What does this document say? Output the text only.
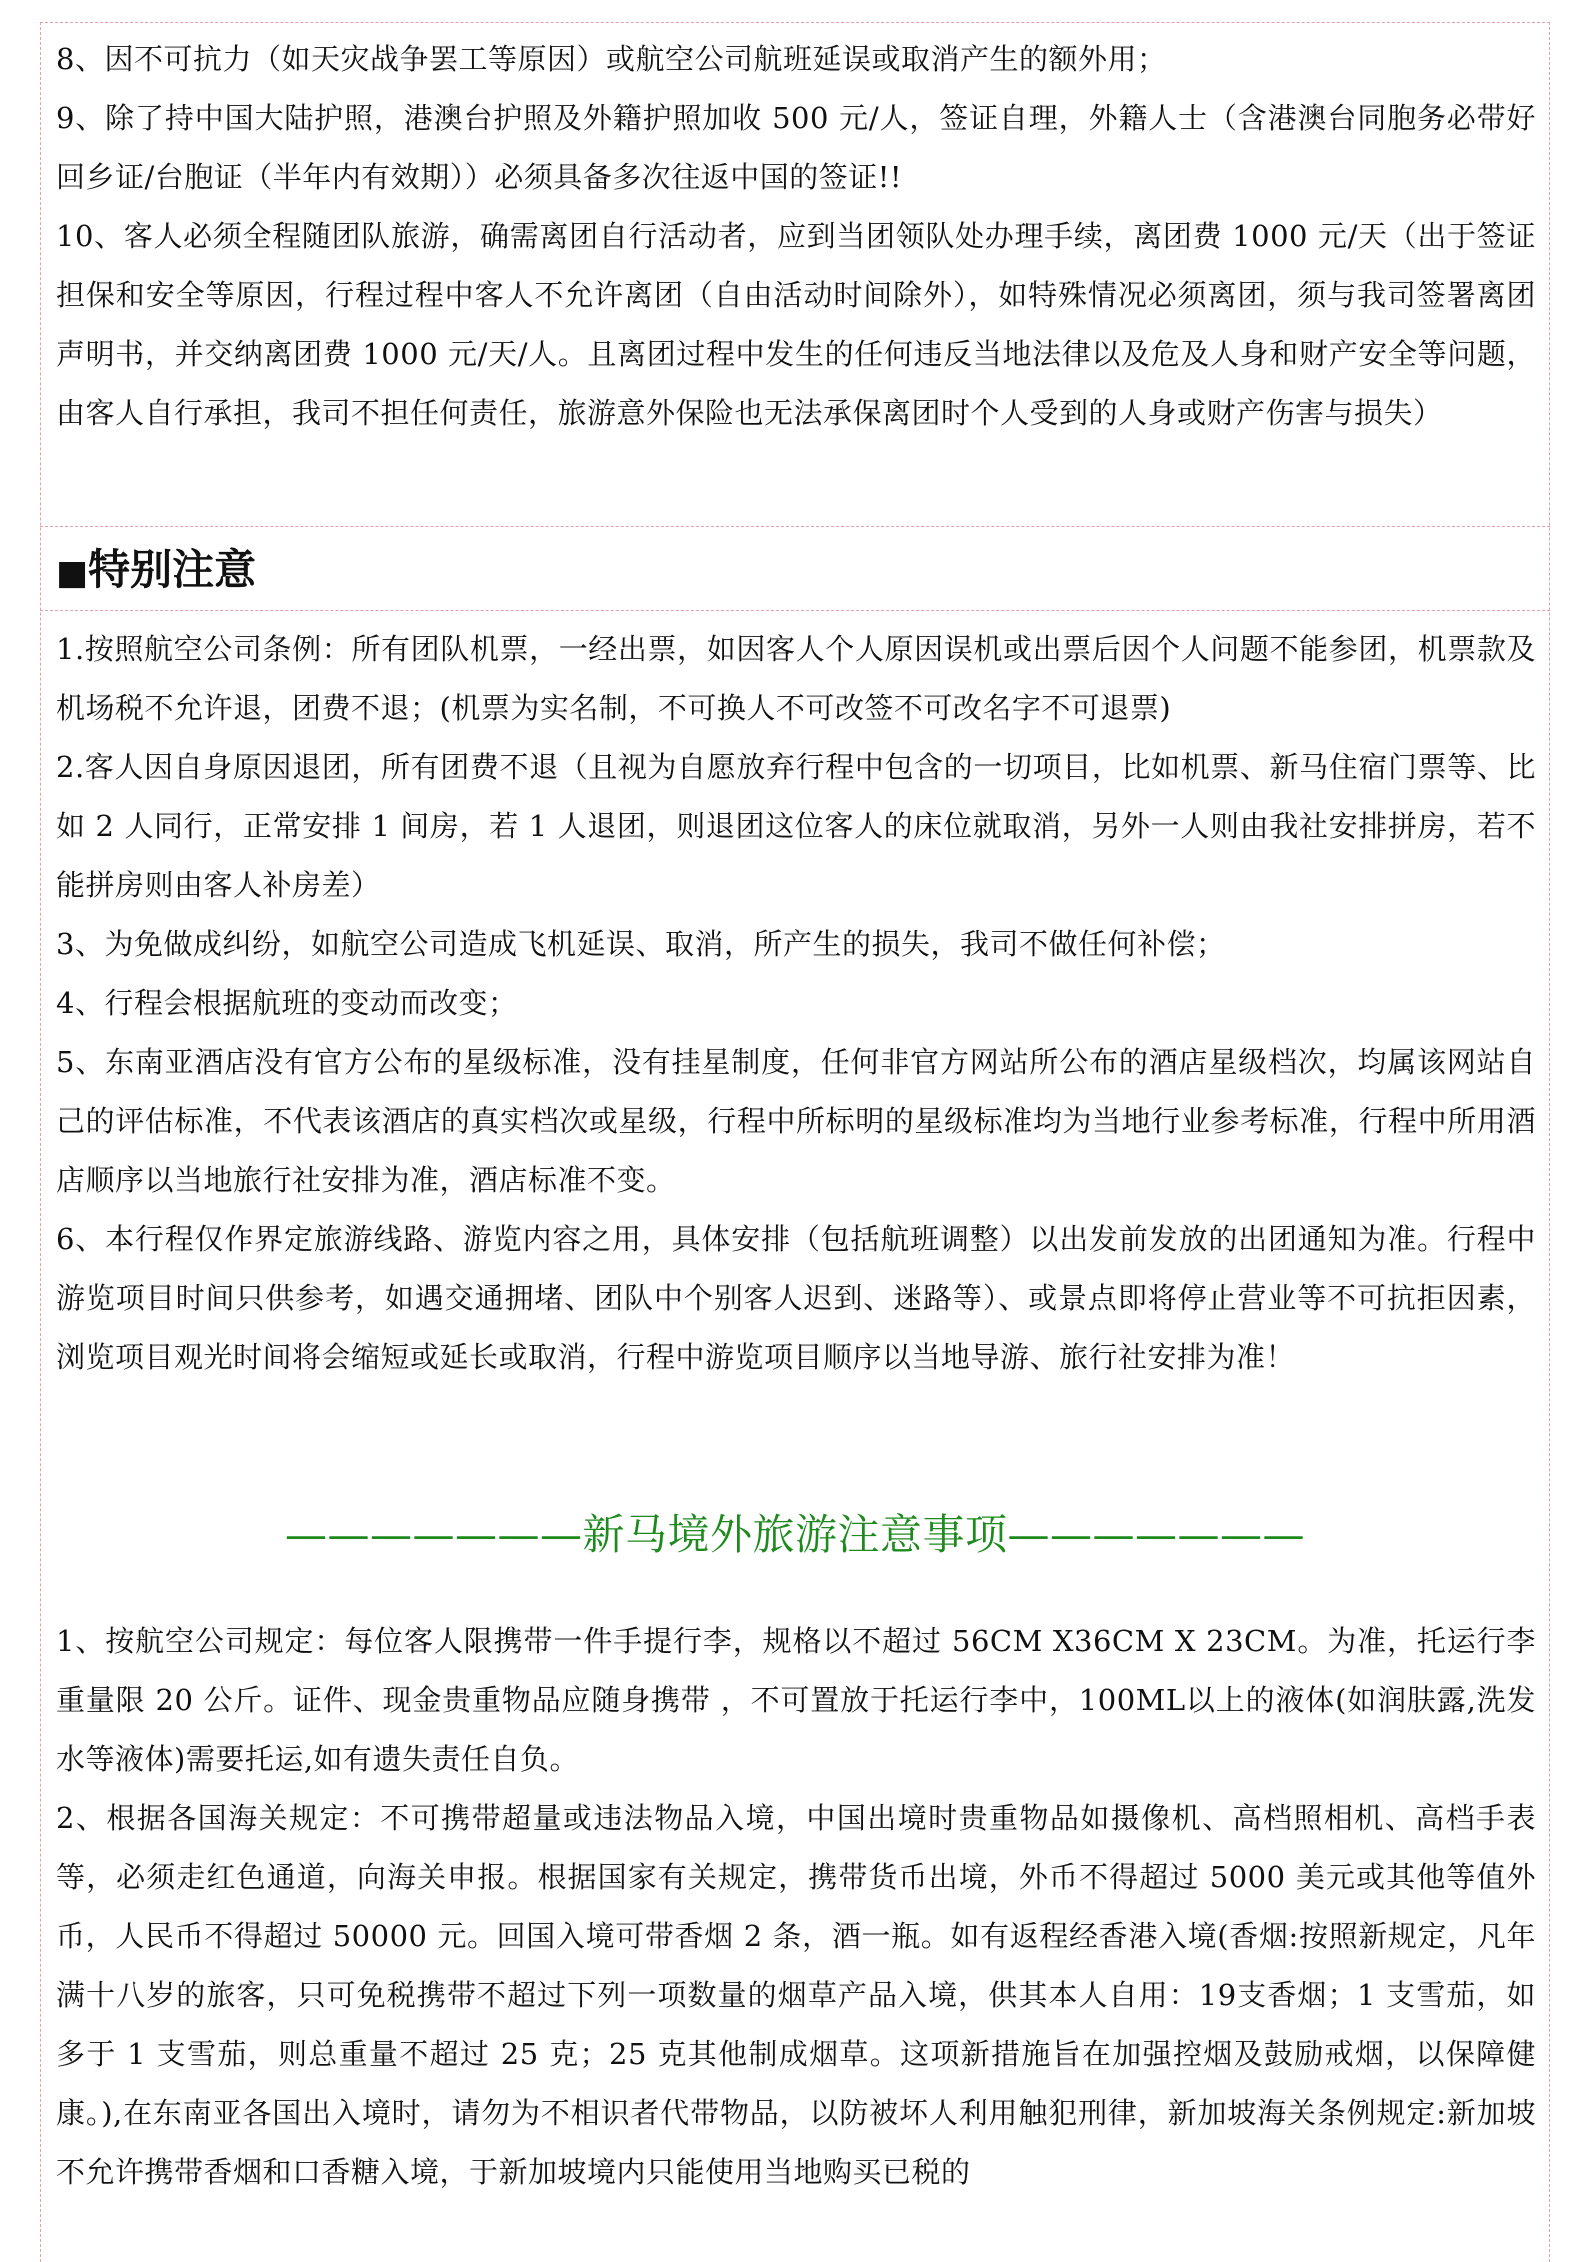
8、因不可抗力（如天灾战争罢工等原因）或航空公司航班延误或取消产生的额外用；

9、除了持中国大陆护照，港澳台护照及外籍护照加收 500 元/人，签证自理，外籍人士（含港澳台同胞务必带好回乡证/台胞证（半年内有效期））必须具备多次往返中国的签证!!

10、客人必须全程随团队旅游，确需离团自行活动者，应到当团领队处办理手续，离团费 1000 元/天（出于签证担保和安全等原因，行程过程中客人不允许离团（自由活动时间除外），如特殊情况必须离团，须与我司签署离团声明书，并交纳离团费 1000 元/天/人。且离团过程中发生的任何违反当地法律以及危及人身和财产安全等问题，由客人自行承担，我司不担任何责任，旅游意外保险也无法承保离团时个人受到的人身或财产伤害与损失）

■特别注意

1.按照航空公司条例：所有团队机票，一经出票，如因客人个人原因误机或出票后因个人问题不能参团，机票款及机场税不允许退，团费不退；(机票为实名制，不可换人不可改签不可改名字不可退票)

2.客人因自身原因退团，所有团费不退（且视为自愿放弃行程中包含的一切项目，比如机票、新马住宿门票等、比如 2 人同行，正常安排 1 间房，若 1 人退团，则退团这位客人的床位就取消，另外一人则由我社安排拼房，若不能拼房则由客人补房差）

3、为免做成纠纷，如航空公司造成飞机延误、取消，所产生的损失，我司不做任何补偿；

4、行程会根据航班的变动而改变；

5、东南亚酒店没有官方公布的星级标准，没有挂星制度，任何非官方网站所公布的酒店星级档次，均属该网站自己的评估标准，不代表该酒店的真实档次或星级，行程中所标明的星级标准均为当地行业参考标准，行程中所用酒店顺序以当地旅行社安排为准，酒店标准不变。

6、本行程仅作界定旅游线路、游览内容之用，具体安排（包括航班调整）以出发前发放的出团通知为准。行程中游览项目时间只供参考，如遇交通拥堵、团队中个别客人迟到、迷路等）、或景点即将停止营业等不可抗拒因素，浏览项目观光时间将会缩短或延长或取消，行程中游览项目顺序以当地导游、旅行社安排为准！

———————新马境外旅游注意事项———————

1、按航空公司规定：每位客人限携带一件手提行李，规格以不超过 56CM X36CM X 23CM。为准，托运行李重量限 20 公斤。证件、现金贵重物品应随身携带 ，不可置放于托运行李中，100ML以上的液体(如润肤露,洗发水等液体)需要托运,如有遗失责任自负。

2、根据各国海关规定：不可携带超量或违法物品入境，中国出境时贵重物品如摄像机、高档照相机、高档手表等，必须走红色通道，向海关申报。根据国家有关规定，携带货币出境，外币不得超过 5000 美元或其他等值外币，人民币不得超过 50000 元。回国入境可带香烟 2 条，酒一瓶。如有返程经香港入境(香烟:按照新规定，凡年满十八岁的旅客，只可免税携带不超过下列一项数量的烟草产品入境，供其本人自用：19支香烟；1 支雪茄，如多于 1 支雪茄，则总重量不超过 25 克；25 克其他制成烟草。这项新措施旨在加强控烟及鼓励戒烟，以保障健康。),在东南亚各国出入境时，请勿为不相识者代带物品，以防被坏人利用触犯刑律，新加坡海关条例规定:新加坡不允许携带香烟和口香糖入境，于新加坡境内只能使用当地购买已税的
